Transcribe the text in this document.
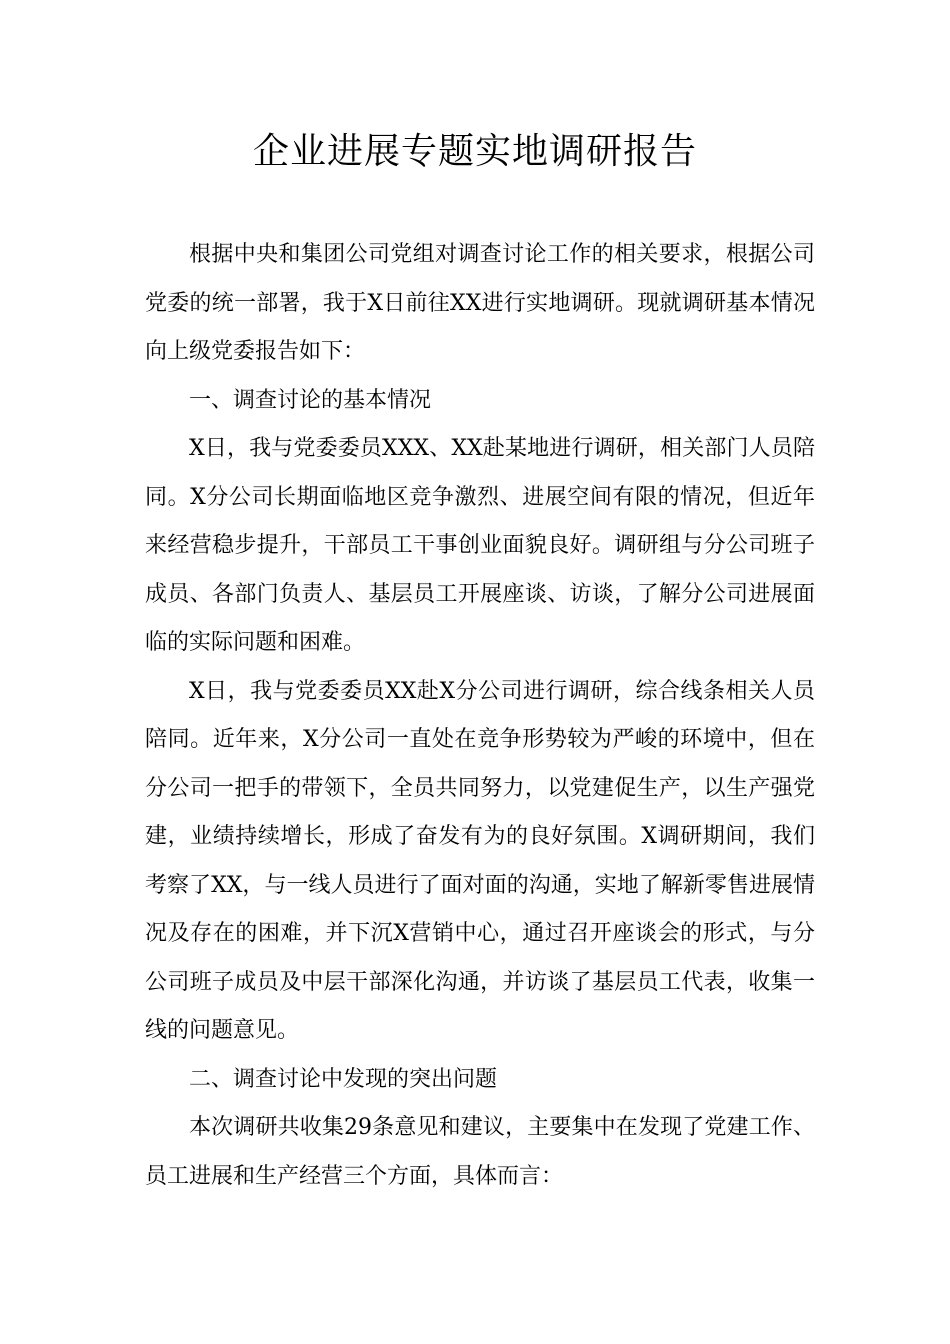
企业进展专题实地调研报告

根据中央和集团公司党组对调查讨论工作的相关要求，根据公司党委的统一部署，我于X日前往XX进行实地调研。现就调研基本情况向上级党委报告如下：

一、调查讨论的基本情况

X日，我与党委委员XXX、XX赴某地进行调研，相关部门人员陪同。X分公司长期面临地区竞争激烈、进展空间有限的情况，但近年来经营稳步提升，干部员工干事创业面貌良好。调研组与分公司班子成员、各部门负责人、基层员工开展座谈、访谈，了解分公司进展面临的实际问题和困难。

X日，我与党委委员XX赴X分公司进行调研，综合线条相关人员陪同。近年来，X分公司一直处在竞争形势较为严峻的环境中，但在分公司一把手的带领下，全员共同努力，以党建促生产，以生产强党建，业绩持续增长，形成了奋发有为的良好氛围。X调研期间，我们考察了XX，与一线人员进行了面对面的沟通，实地了解新零售进展情况及存在的困难，并下沉X营销中心，通过召开座谈会的形式，与分公司班子成员及中层干部深化沟通，并访谈了基层员工代表，收集一线的问题意见。

二、调查讨论中发现的突出问题

本次调研共收集29条意见和建议，主要集中在发现了党建工作、员工进展和生产经营三个方面，具体而言：
